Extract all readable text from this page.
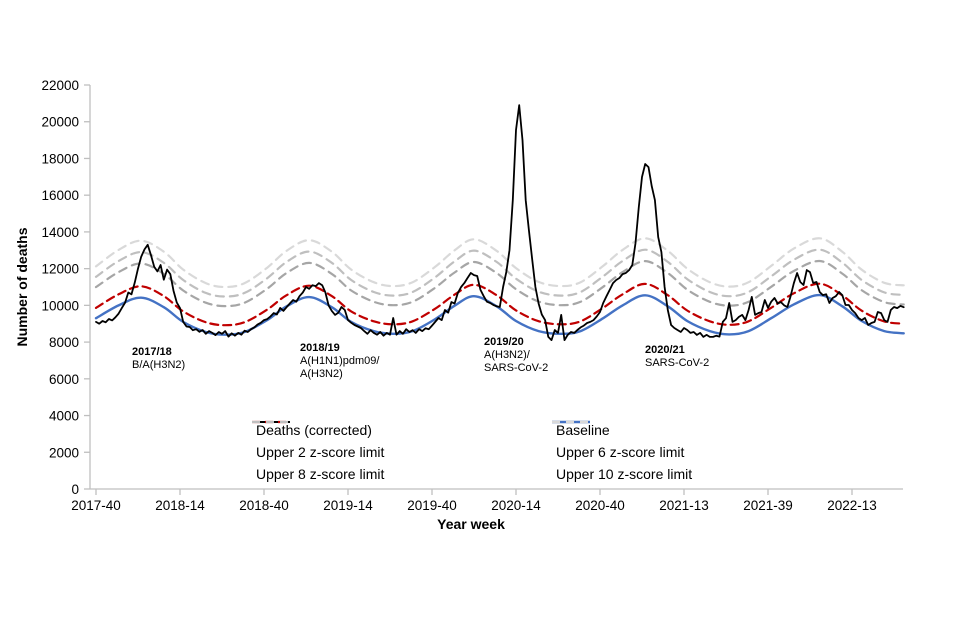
0
2000
4000
6000
8000
10000
12000
14000
16000
18000
20000
22000
2017-40	2018-14	2018-40	2019-14	2019-40	2020-14	2020-40	2021-13	2021-39	2022-13
Number of deaths
Year week
Deaths (corrected)
Upper 2 z-score limit
Upper 8 z-score limit
Baseline
Upper 6 z-score limit
Upper 10 z-score limit
2017/18
B/A(H3N2)
2018/19
A(H1N1)pdm09/
A(H3N2)
2019/20
A(H3N2)/
SARS-CoV-2
2020/21
SARS-CoV-2
